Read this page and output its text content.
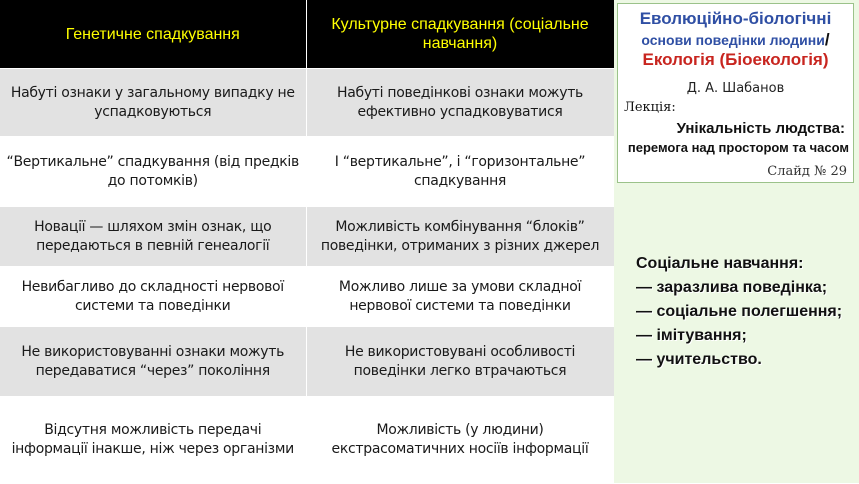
Генетичне спадкування	Культурне спадкування (соціальне навчання)
Набуті ознаки у загальному випадку не успадковуються	Набуті поведінкові ознаки можуть ефективно успадковуватися
“Вертикальне” спадкування (від предків до потомків)	І “вертикальне”, і “горизонтальне” спадкування
Новації — шляхом змін ознак, що передаються в певній генеалогії	Можливість комбінування “блоків” поведінки, отриманих з різних джерел
Невибагливо до складності нервової системи та поведінки	Можливо лише за умови складної нервової системи та поведінки
Не використовуванні ознаки можуть передаватися “через” покоління	Не використовувані особливості поведінки легко втрачаються
Відсутня можливість передачі інформації інакше, ніж через організми	Можливість (у людини) екстрасоматичних носіїв інформації
Еволюційно-біологічні
основи поведінки людини/
Екологія (Біоекологія)
Д. А. Шабанов
Лекція:
Унікальність людства:
перемога над простором та часом
Слайд № 29
Соціальне навчання:
— заразлива поведінка;
— соціальне полегшення;
— імітування;
— учительство.
